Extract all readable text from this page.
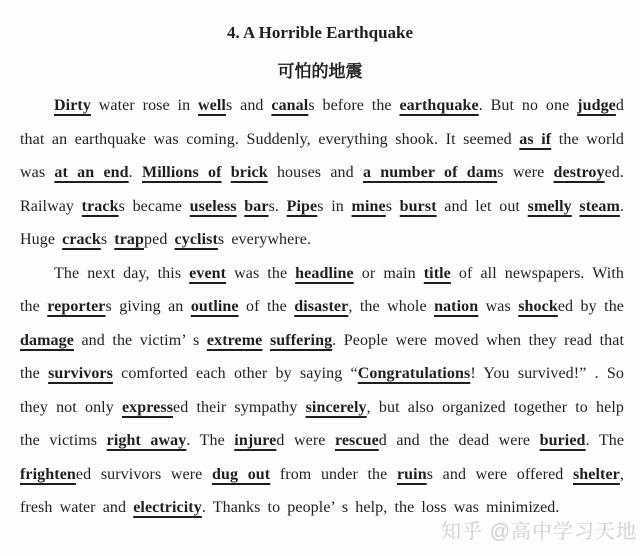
4. A Horrible Earthquake
可怕的地震

Dirty water rose in wells and canals before the earthquake. But no one judged that an earthquake was coming. Suddenly, everything shook. It seemed as if the world was at an end. Millions of brick houses and a number of dams were destroyed. Railway tracks became useless bars. Pipes in mines burst and let out smelly steam. Huge cracks trapped cyclists everywhere.

The next day, this event was the headline or main title of all newspapers. With the reporters giving an outline of the disaster, the whole nation was shocked by the damage and the victim’ s extreme suffering. People were moved when they read that the survivors comforted each other by saying “Congratulations! You survived!” . So they not only expressed their sympathy sincerely, but also organized together to help the victims right away. The injured were rescued and the dead were buried. The frightened survivors were dug out from under the ruins and were offered shelter, fresh water and electricity. Thanks to people’ s help, the loss was minimized.

知乎 @高中学习天地
